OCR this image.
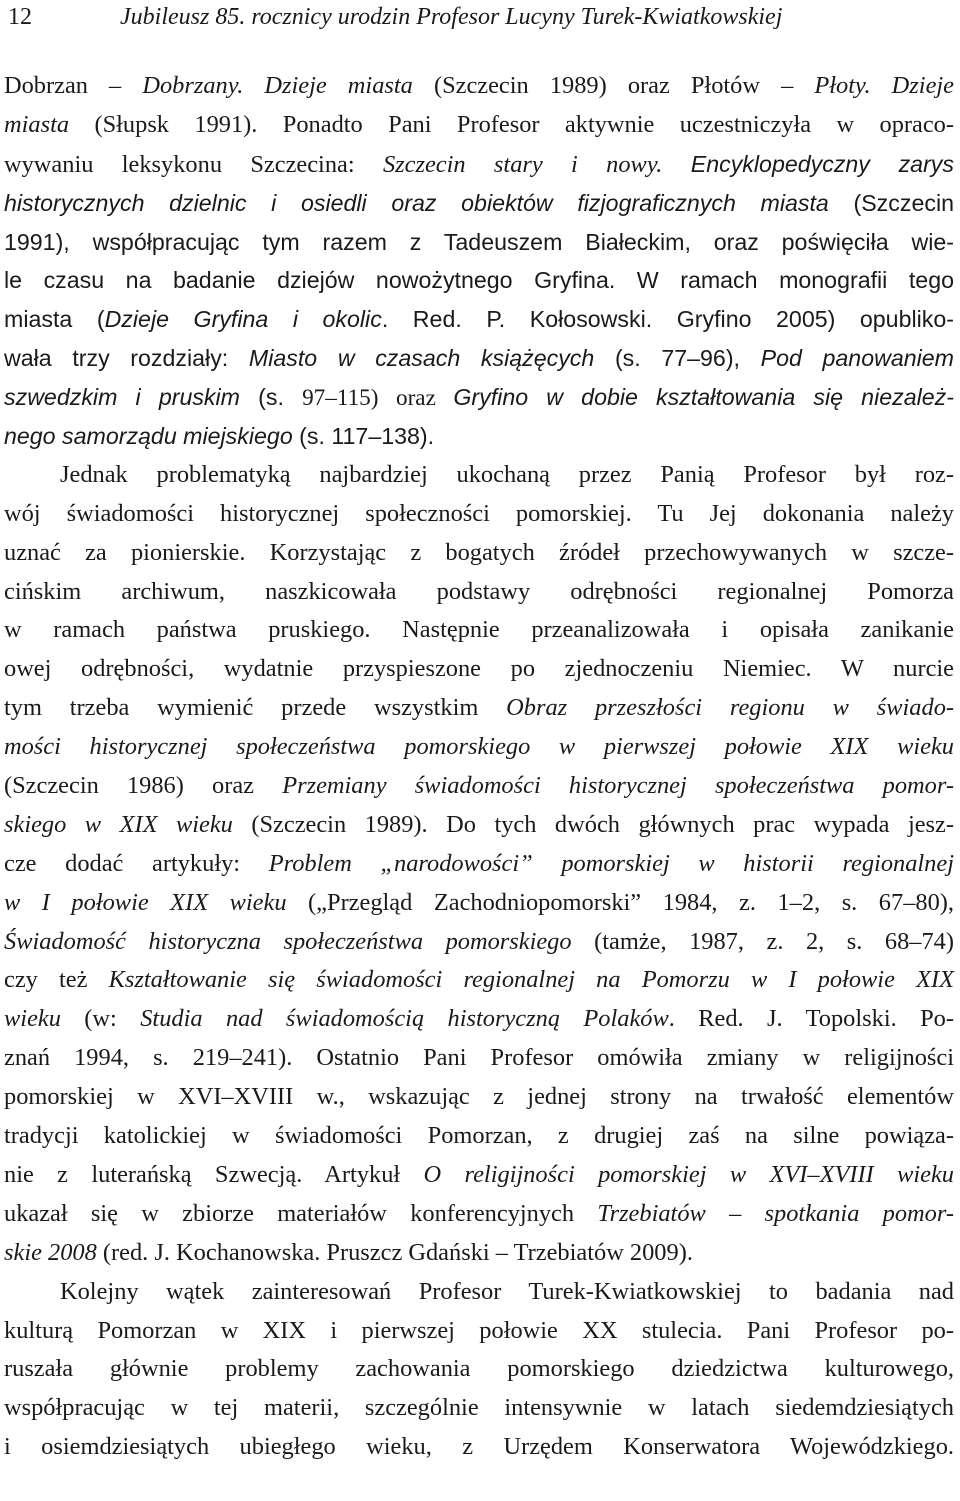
12	Jubileusz 85. rocznicy urodzin Profesor Lucyny Turek-Kwiatkowskiej
Dobrzan – Dobrzany. Dzieje miasta (Szczecin 1989) oraz Płotów – Płoty. Dzieje
miasta (Słupsk 1991). Ponadto Pani Profesor aktywnie uczestniczyła w opraco-
wywaniu leksykonu Szczecina: Szczecin stary i nowy. Encyklopedyczny zarys
historycznych dzielnic i osiedli oraz obiektów fizjograficznych miasta (Szczecin
1991), współpracując tym razem z Tadeuszem Białeckim, oraz poświęciła wie-
le czasu na badanie dziejów nowożytnego Gryfina. W ramach monografii tego
miasta (Dzieje Gryfina i okolic. Red. P. Kołosowski. Gryfino 2005) opubliko-
wała trzy rozdziały: Miasto w czasach książęcych (s. 77–96), Pod panowaniem
szwedzkim i pruskim (s. 97–115) oraz Gryfino w dobie kształtowania się niezależ-
nego samorządu miejskiego (s. 117–138).
Jednak problematyką najbardziej ukochaną przez Panią Profesor był roz-
wój świadomości historycznej społeczności pomorskiej. Tu Jej dokonania należy
uznać za pionierskie. Korzystając z bogatych źródeł przechowywanych w szcze-
cińskim archiwum, naszkicowała podstawy odrębności regionalnej Pomorza
w ramach państwa pruskiego. Następnie przeanalizowała i opisała zanikanie
owej odrębności, wydatnie przyspieszone po zjednoczeniu Niemiec. W nurcie
tym trzeba wymienić przede wszystkim Obraz przeszłości regionu w świado-
mości historycznej społeczeństwa pomorskiego w pierwszej połowie XIX wieku
(Szczecin 1986) oraz Przemiany świadomości historycznej społeczeństwa pomor-
skiego w XIX wieku (Szczecin 1989). Do tych dwóch głównych prac wypada jesz-
cze dodać artykuły: Problem „narodowości” pomorskiej w historii regionalnej
w I połowie XIX wieku („Przegląd Zachodniopomorski” 1984, z. 1–2, s. 67–80),
Świadomość historyczna społeczeństwa pomorskiego (tamże, 1987, z. 2, s. 68–74)
czy też Kształtowanie się świadomości regionalnej na Pomorzu w I połowie XIX
wieku (w: Studia nad świadomością historyczną Polaków. Red. J. Topolski. Po-
znań 1994, s. 219–241). Ostatnio Pani Profesor omówiła zmiany w religijności
pomorskiej w XVI–XVIII w., wskazując z jednej strony na trwałość elementów
tradycji katolickiej w świadomości Pomorzan, z drugiej zaś na silne powiąza-
nie z luterańską Szwecją. Artykuł O religijności pomorskiej w XVI–XVIII wieku
ukazał się w zbiorze materiałów konferencyjnych Trzebiatów – spotkania pomor-
skie 2008 (red. J. Kochanowska. Pruszcz Gdański – Trzebiatów 2009).
Kolejny wątek zainteresowań Profesor Turek-Kwiatkowskiej to badania nad
kulturą Pomorzan w XIX i pierwszej połowie XX stulecia. Pani Profesor po-
ruszała głównie problemy zachowania pomorskiego dziedzictwa kulturowego,
współpracując w tej materii, szczególnie intensywnie w latach siedemdziesiątych
i osiemdziesiątych ubiegłego wieku, z Urzędem Konserwatora Wojewódzkiego.
